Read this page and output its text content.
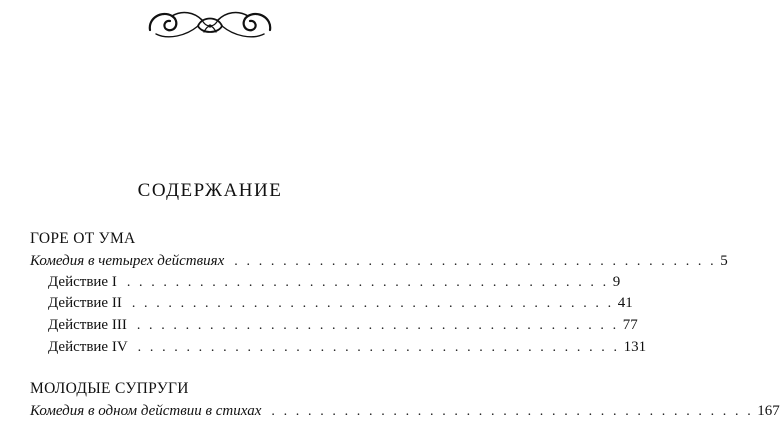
СОДЕРЖАНИЕ
ГОРЕ ОТ УМА
Комедия в четырех действиях . . . . . . . . . . . . . . . . . . . . . . . . . . . . . . . . . . . . . . . . 5
Действие I . . . . . . . . . . . . . . . . . . . . . . . . . . . . . . . . . . . . . . . . 9
Действие II . . . . . . . . . . . . . . . . . . . . . . . . . . . . . . . . . . . . . . . . 41
Действие III . . . . . . . . . . . . . . . . . . . . . . . . . . . . . . . . . . . . . . . . 77
Действие IV . . . . . . . . . . . . . . . . . . . . . . . . . . . . . . . . . . . . . . . . 131
МОЛОДЫЕ СУПРУГИ
Комедия в одном действии в стихах . . . . . . . . . . . . . . . . . . . . . . . . . . . . . . . . . . . . . . . . 167
